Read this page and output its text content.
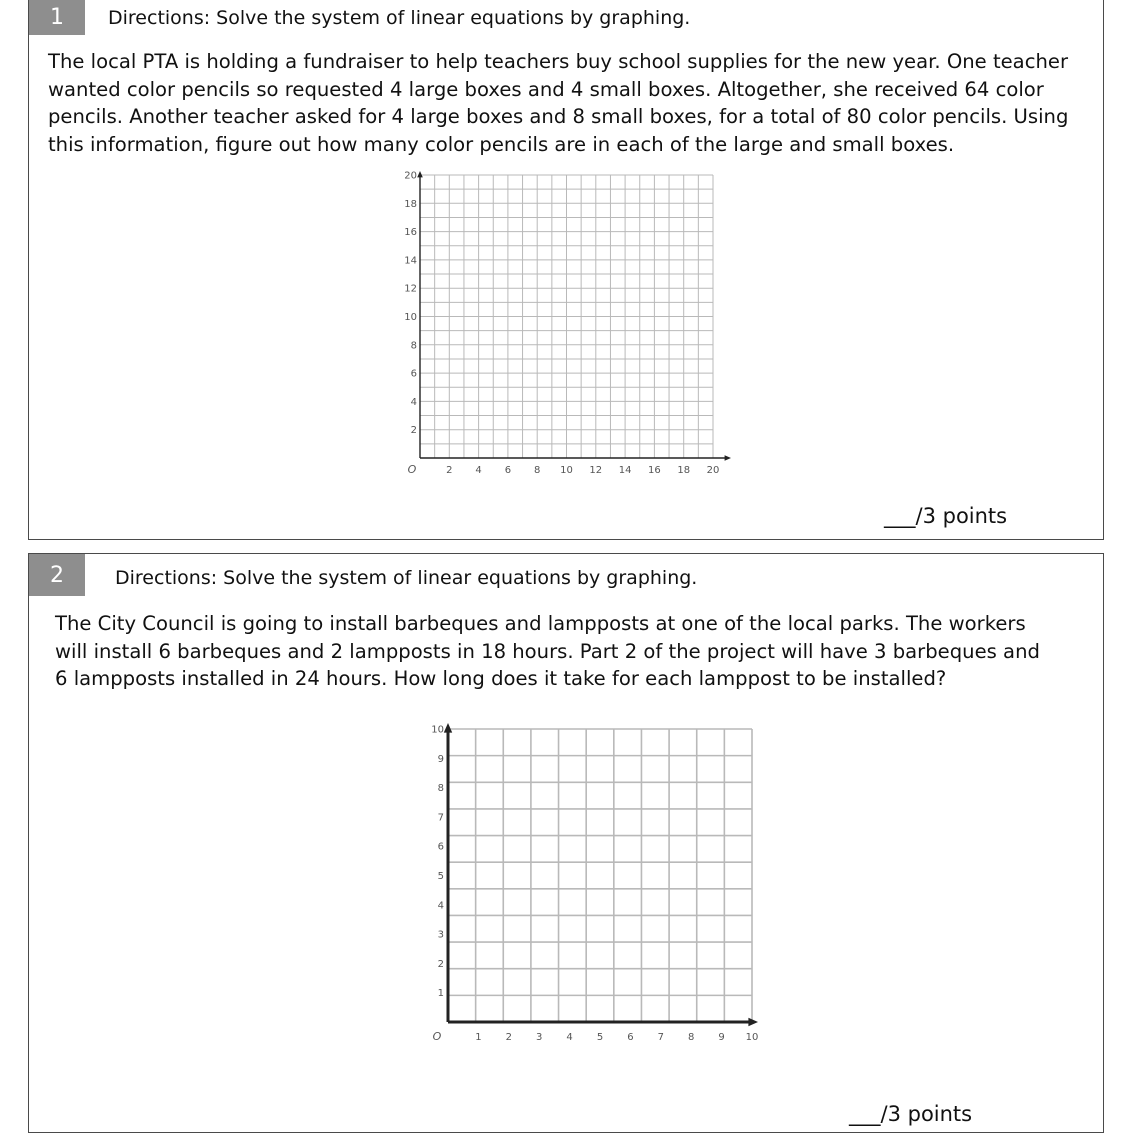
1	Directions: Solve the system of linear equations by graphing.
The local PTA is holding a fundraiser to help teachers buy school supplies for the new year. One teacher wanted color pencils so requested 4 large boxes and 4 small boxes. Altogether, she received 64 color pencils. Another teacher asked for 4 large boxes and 8 small boxes, for a total of 80 color pencils. Using this information, figure out how many color pencils are in each of the large and small boxes.
___/3 points
2	Directions: Solve the system of linear equations by graphing.
The City Council is going to install barbeques and lampposts at one of the local parks. The workers will install 6 barbeques and 2 lampposts in 18 hours. Part 2 of the project will have 3 barbeques and 6 lampposts installed in 24 hours. How long does it take for each lamppost to be installed?
___/3 points
2 4 6 8 10 12 14 16 18 20
2
4
6
8
10
12
14
16
18
20
O
1 2 3 4 5 6 7 8 9 10
1
2
3
4
5
6
7
8
9
10
O
